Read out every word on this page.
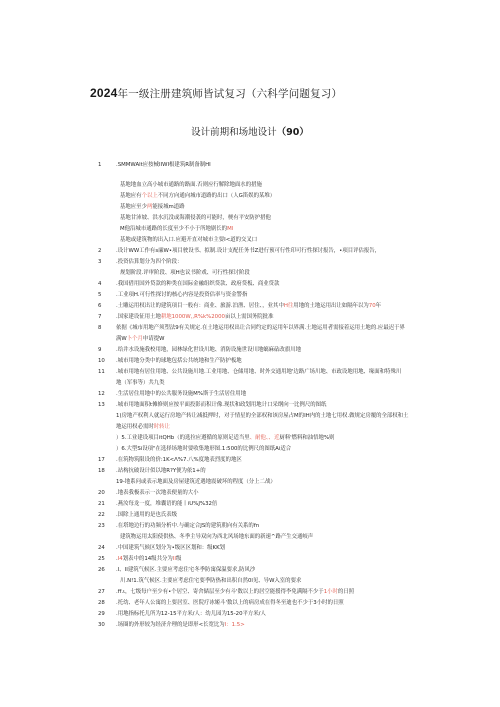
2024年一级注册建筑师皆试复习（六科学问题复习）
设计前期和场地设计（90）
1	.SMMWAlt应按械IIWI根建筑R制备制HI
基地地血立高小城市通路的路面.否则应行解除地面水的措施
基地应有个以上不同方向通向城市道路的出口（人G笛娱的某堆）
基地应至少两能接城m道路
基地甘沛坡、洪水沉没或海潮侵袭的可能时，梗有平安防护措他
M他沿城市通路的长度至少不小于所地剧长的Ml
基地或建筑物的出入口.应避开直对城市主要I<道的交叉口
2	.设计WW工作有s廉W•项目驶设书、拟制.设计支配任务书Z进行预可行性印可行性探讨报告，•项目评估报告，
3	.投资估算划分为四个阶段：
规划阶段.评审阶段、项H也议书阶戏、可行性探讨阶段
4	.我国借用国外贷款的种类在国际金融组织贷款、政府贷板、商业贷款
5	.工业项H.可行性探讨的核心内容是投资估率与资金警指
6	.土雕运用权出让的建筑项目一般有：商业、旅游.泊渔、居住、，业其中H往用地的土地运用出让如隔年以为70年
7	.国家建设征用土地耕地1000W,,R%k%2000亩以上需国务院批准
8	依据《城市用地产须塑法9有关规定.在土地运用权出让合同约定的运用年以界满.土地运用者需接着运用土地的.应最迟于界
满W卜个月申请提W
9	.给井水设施我校用地，园林绿化世设川地、消防设施世设川地螭麻砧改旗川地
10	.城市用地分类中的球地包括公共统地和生产防护板地
11	.城市用地有居住用地、公共设施川地.工业用地、仓储用地、时外交通用地'边路广场川地、市政设地用地、缘面和特殊川
地（军事等）共九类
12	.生活居住用地中的公共服务设施M%斯于生活居住用地
13	.城市用地面积t傩修则应按平面投影而积计像.现状和政划用地计口采纲向一比例尺的图纸
1)房地产权利人就运行房地产转让减抵押时，对于情星的全部权和该房屋占M的IH内的土地七用权.做规定房覆的全部权和土
地运用权必需时时转让
）5.工业建设项目itQHb（的选拉应遵循的原则足适当里、耐他、、近厨料'燃料和油悟地%则
）6.大型Si设项"在选择场地时要收集地形图.1:500的比例尺的图纸Ai适合
17	.在筑物筑限设的价:1K<Λ%7.八%度地表烈度的地区
18	.站构抗破设计似以地R?Y便为依1+的
19-地系问或表示地面及房屋建筑近遇地震破坏的程度（分上二战）
20	.地表我极表示一次地表便量的大小
21	.燕汝每龙一度，堆囊语的能丨iU%J%32倍
22	.国除上通用的是也氏表级
23	.在塔地边行的功频分析中.与确定合JS的建筑朝向有关系的fn
建筑物运用太阳使供热、冬季主导双向为西北风场地东面的新速^路产生交通岐声
24	.中国建筑气候区划分为•级区区划和：级KK划
25	.I4划表中的14级共分为II级
26	.I、II建筑气候区.主要应考虑住宅冬季防寓保温要求,防风沙
川.N!1.筑气候区.主要应考虑住宅要季防热和出积自然0l见、导W入室的要求
27	.ff.ι，七级每户至少有•个居空、寄舍储层至少有斗'数以上的居空能援得李免满隔不少于1小时的日照
28	.托幼、老年人公寓的上要居室、医院疗冰姬斗'数以上的病房成在得冬至迪也不少于3小时的日照
29	.用地指标托儿所为12-15平方米/人：幼儿园为15-20平方米/人
30	.场圈的外形较为经济介理的是即形<长宽比为I：1.5>
